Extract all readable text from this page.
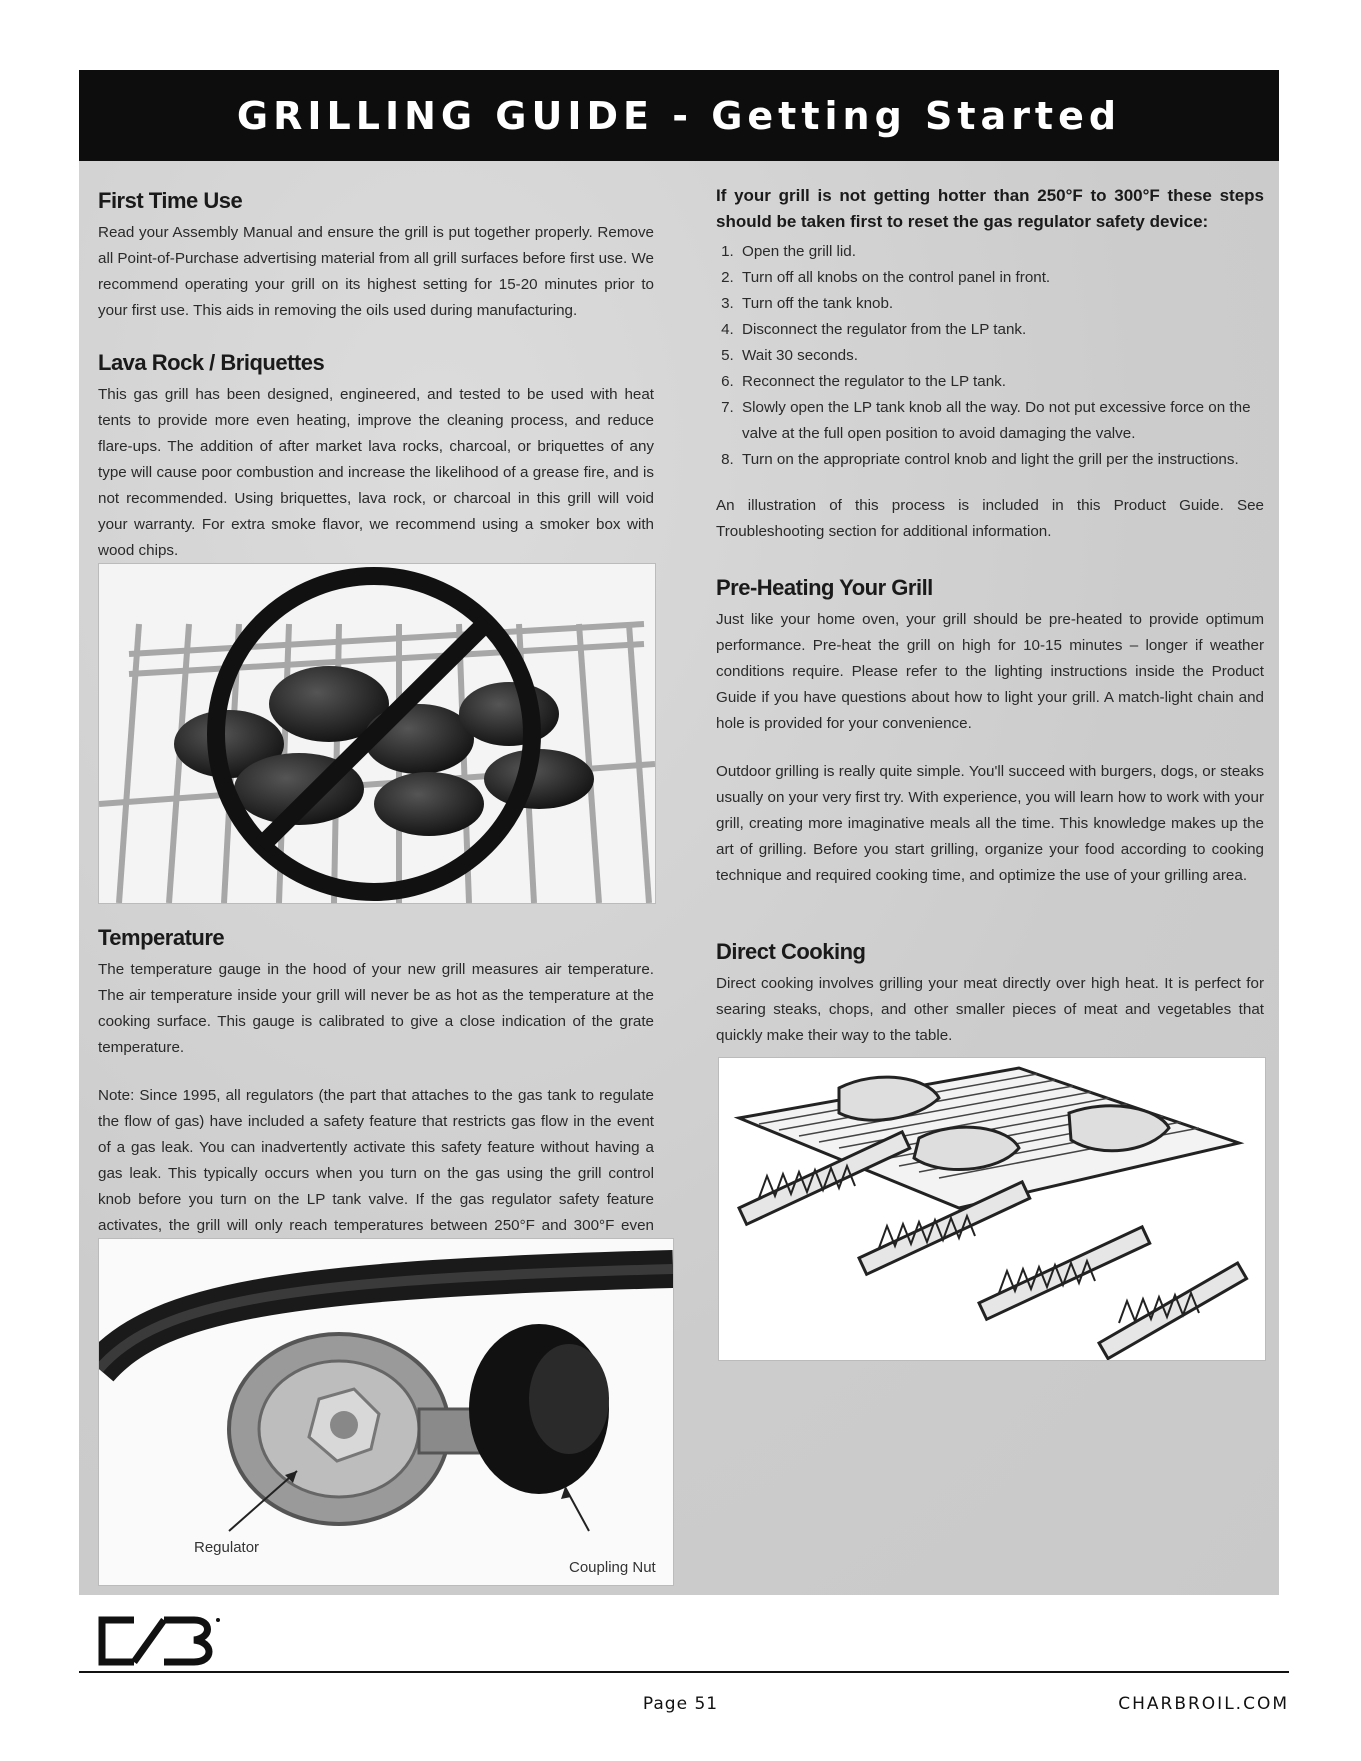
GRILLING GUIDE - Getting Started
First Time Use

Read your Assembly Manual and ensure the grill is put together properly. Remove all Point-of-Purchase advertising material from all grill surfaces before first use. We recommend operating your grill on its highest setting for 15-20 minutes prior to your first use. This aids in removing the oils used during manufacturing.

Lava Rock / Briquettes

This gas grill has been designed, engineered, and tested to be used with heat tents to provide more even heating, improve the cleaning process, and reduce flare-ups. The addition of after market lava rocks, charcoal, or briquettes of any type will cause poor combustion and increase the likelihood of a grease fire, and is not recommended. Using briquettes, lava rock, or charcoal in this grill will void your warranty. For extra smoke flavor, we recommend using a smoker box with wood chips.

Temperature

The temperature gauge in the hood of your new grill measures air temperature. The air temperature inside your grill will never be as hot as the temperature at the cooking surface. This gauge is calibrated to give a close indication of the grate temperature.

Note: Since 1995, all regulators (the part that attaches to the gas tank to regulate the flow of gas) have included a safety feature that restricts gas flow in the event of a gas leak. You can inadvertently activate this safety feature without having a gas leak. This typically occurs when you turn on the gas using the grill control knob before you turn on the LP tank valve. If the gas regulator safety feature activates, the grill will only reach temperatures between 250°F and 300°F even

Regulator
Coupling Nut

If your grill is not getting hotter than 250°F to 300°F these steps should be taken first to reset the gas regulator safety device:

1. Open the grill lid.
2. Turn off all knobs on the control panel in front.
3. Turn off the tank knob.
4. Disconnect the regulator from the LP tank.
5. Wait 30 seconds.
6. Reconnect the regulator to the LP tank.
7. Slowly open the LP tank knob all the way. Do not put excessive force on the valve at the full open position to avoid damaging the valve.
8. Turn on the appropriate control knob and light the grill per the instructions.

An illustration of this process is included in this Product Guide. See Troubleshooting section for additional information.

Pre-Heating Your Grill

Just like your home oven, your grill should be pre-heated to provide optimum performance. Pre-heat the grill on high for 10-15 minutes – longer if weather conditions require. Please refer to the lighting instructions inside the Product Guide if you have questions about how to light your grill. A match-light chain and hole is provided for your convenience.

Outdoor grilling is really quite simple. You'll succeed with burgers, dogs, or steaks usually on your very first try. With experience, you will learn how to work with your grill, creating more imaginative meals all the time. This knowledge makes up the art of grilling. Before you start grilling, organize your food according to cooking technique and required cooking time, and optimize the use of your grilling area.

Direct Cooking

Direct cooking involves grilling your meat directly over high heat. It is perfect for searing steaks, chops, and other smaller pieces of meat and vegetables that quickly make their way to the table.

Page 51	CHARBROIL.COM
